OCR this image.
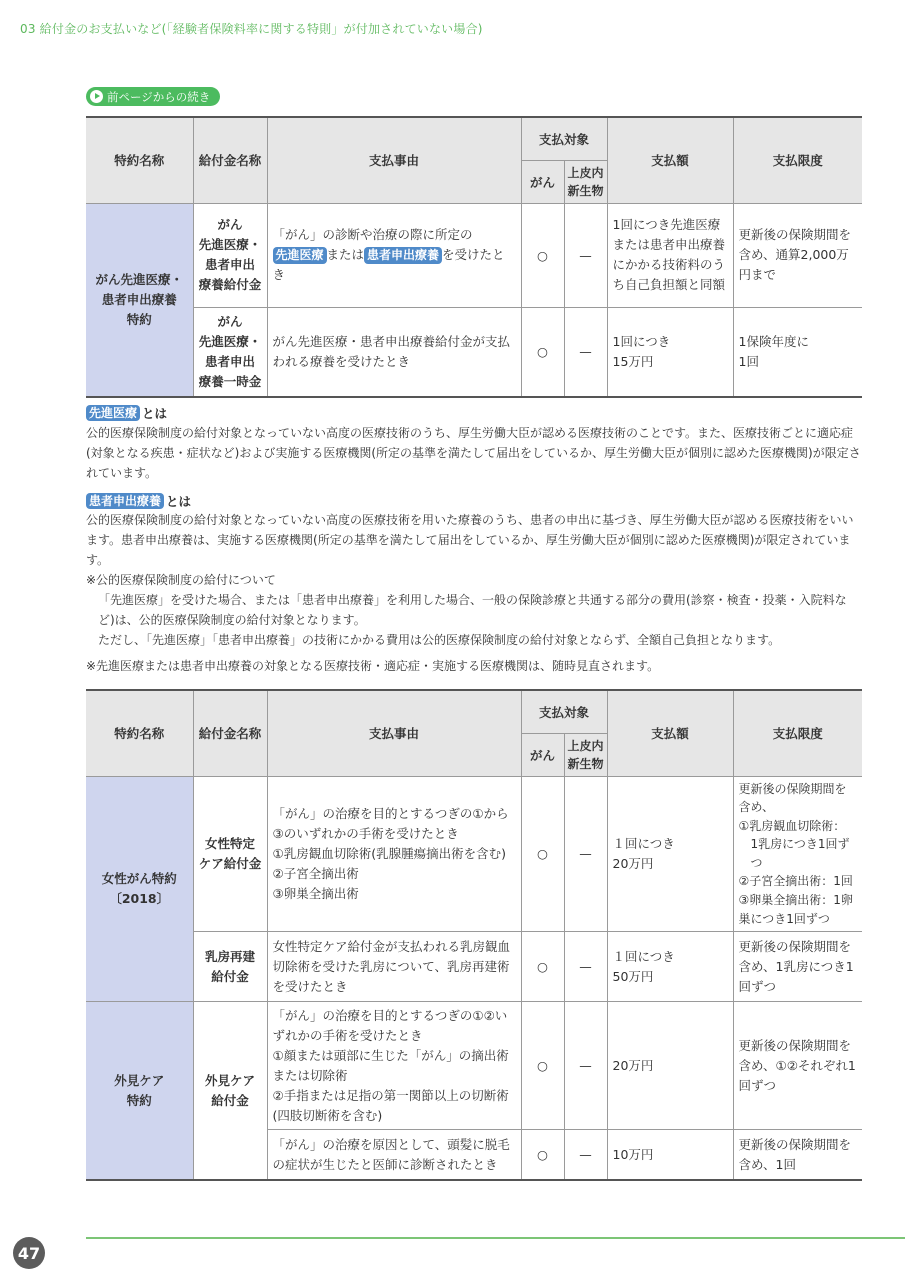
03 給付金のお支払いなど(「経験者保険料率に関する特則」が付加されていない場合)
前ページからの続き
特約名称	給付金名称	支払事由	支払対象		支払額	支払限度
			がん	上皮内
新生物		
がん先進医療・
患者申出療養
特約	がん
先進医療・
患者申出
療養給付金	「がん」の診断や治療の際に所定の先進医療 または 患者申出療養 を受けたとき	○	—	1回につき先進医療または患者申出療養にかかる技術料のうち自己負担額と同額	更新後の保険期間を含め、通算2,000万円まで
	がん
先進医療・
患者申出
療養一時金	がん先進医療・患者申出療養給付金が支払われる療養を受けたとき	○	—	1回につき
15万円	1保険年度に
1回
先進医療 とは
公的医療保険制度の給付対象となっていない高度の医療技術のうち、厚生労働大臣が認める医療技術のことです。また、医療技術ごとに適応症(対象となる疾患・症状など)および実施する医療機関(所定の基準を満たして届出をしているか、厚生労働大臣が個別に認めた医療機関)が限定されています。
患者申出療養 とは
公的医療保険制度の給付対象となっていない高度の医療技術を用いた療養のうち、患者の申出に基づき、厚生労働大臣が認める医療技術をいいます。患者申出療養は、実施する医療機関(所定の基準を満たして届出をしているか、厚生労働大臣が個別に認めた医療機関)が限定されています。
※公的医療保険制度の給付について
「先進医療」を受けた場合、または「患者申出療養」を利用した場合、一般の保険診療と共通する部分の費用(診察・検査・投薬・入院料など)は、公的医療保険制度の給付対象となります。
ただし、「先進医療」「患者申出療養」の技術にかかる費用は公的医療保険制度の給付対象とならず、全額自己負担となります。
※先進医療または患者申出療養の対象となる医療技術・適応症・実施する医療機関は、随時見直されます。
特約名称	給付金名称	支払事由	支払対象		支払額	支払限度
			がん	上皮内
新生物		
女性がん特約
〔2018〕	女性特定
ケア給付金	「がん」の治療を目的とするつぎの①から③のいずれかの手術を受けたとき
①乳房観血切除術(乳腺腫瘍摘出術を含む)
②子宮全摘出術
③卵巣全摘出術	○	—	１回につき
20万円	更新後の保険期間を含め、
①乳房観血切除術：
1乳房につき1回ずつ
②子宮全摘出術：1回
③卵巣全摘出術：1卵巣につき1回ずつ

	乳房再建
給付金	女性特定ケア給付金が支払われる乳房観血切除術を受けた乳房について、乳房再建術を受けたとき	○	—	１回につき
50万円	更新後の保険期間を含め、1乳房につき1回ずつ
外見ケア
特約	外見ケア
給付金	「がん」の治療を目的とするつぎの①②いずれかの手術を受けたとき
①顔または頭部に生じた「がん」の摘出術または切除術
②手指または足指の第一関節以上の切断術(四肢切断術を含む)	○	—	20万円	更新後の保険期間を含め、①②それぞれ1回ずつ
		「がん」の治療を原因として、頭髪に脱毛の症状が生じたと医師に診断されたとき	○	—	10万円	更新後の保険期間を含め、1回
47
